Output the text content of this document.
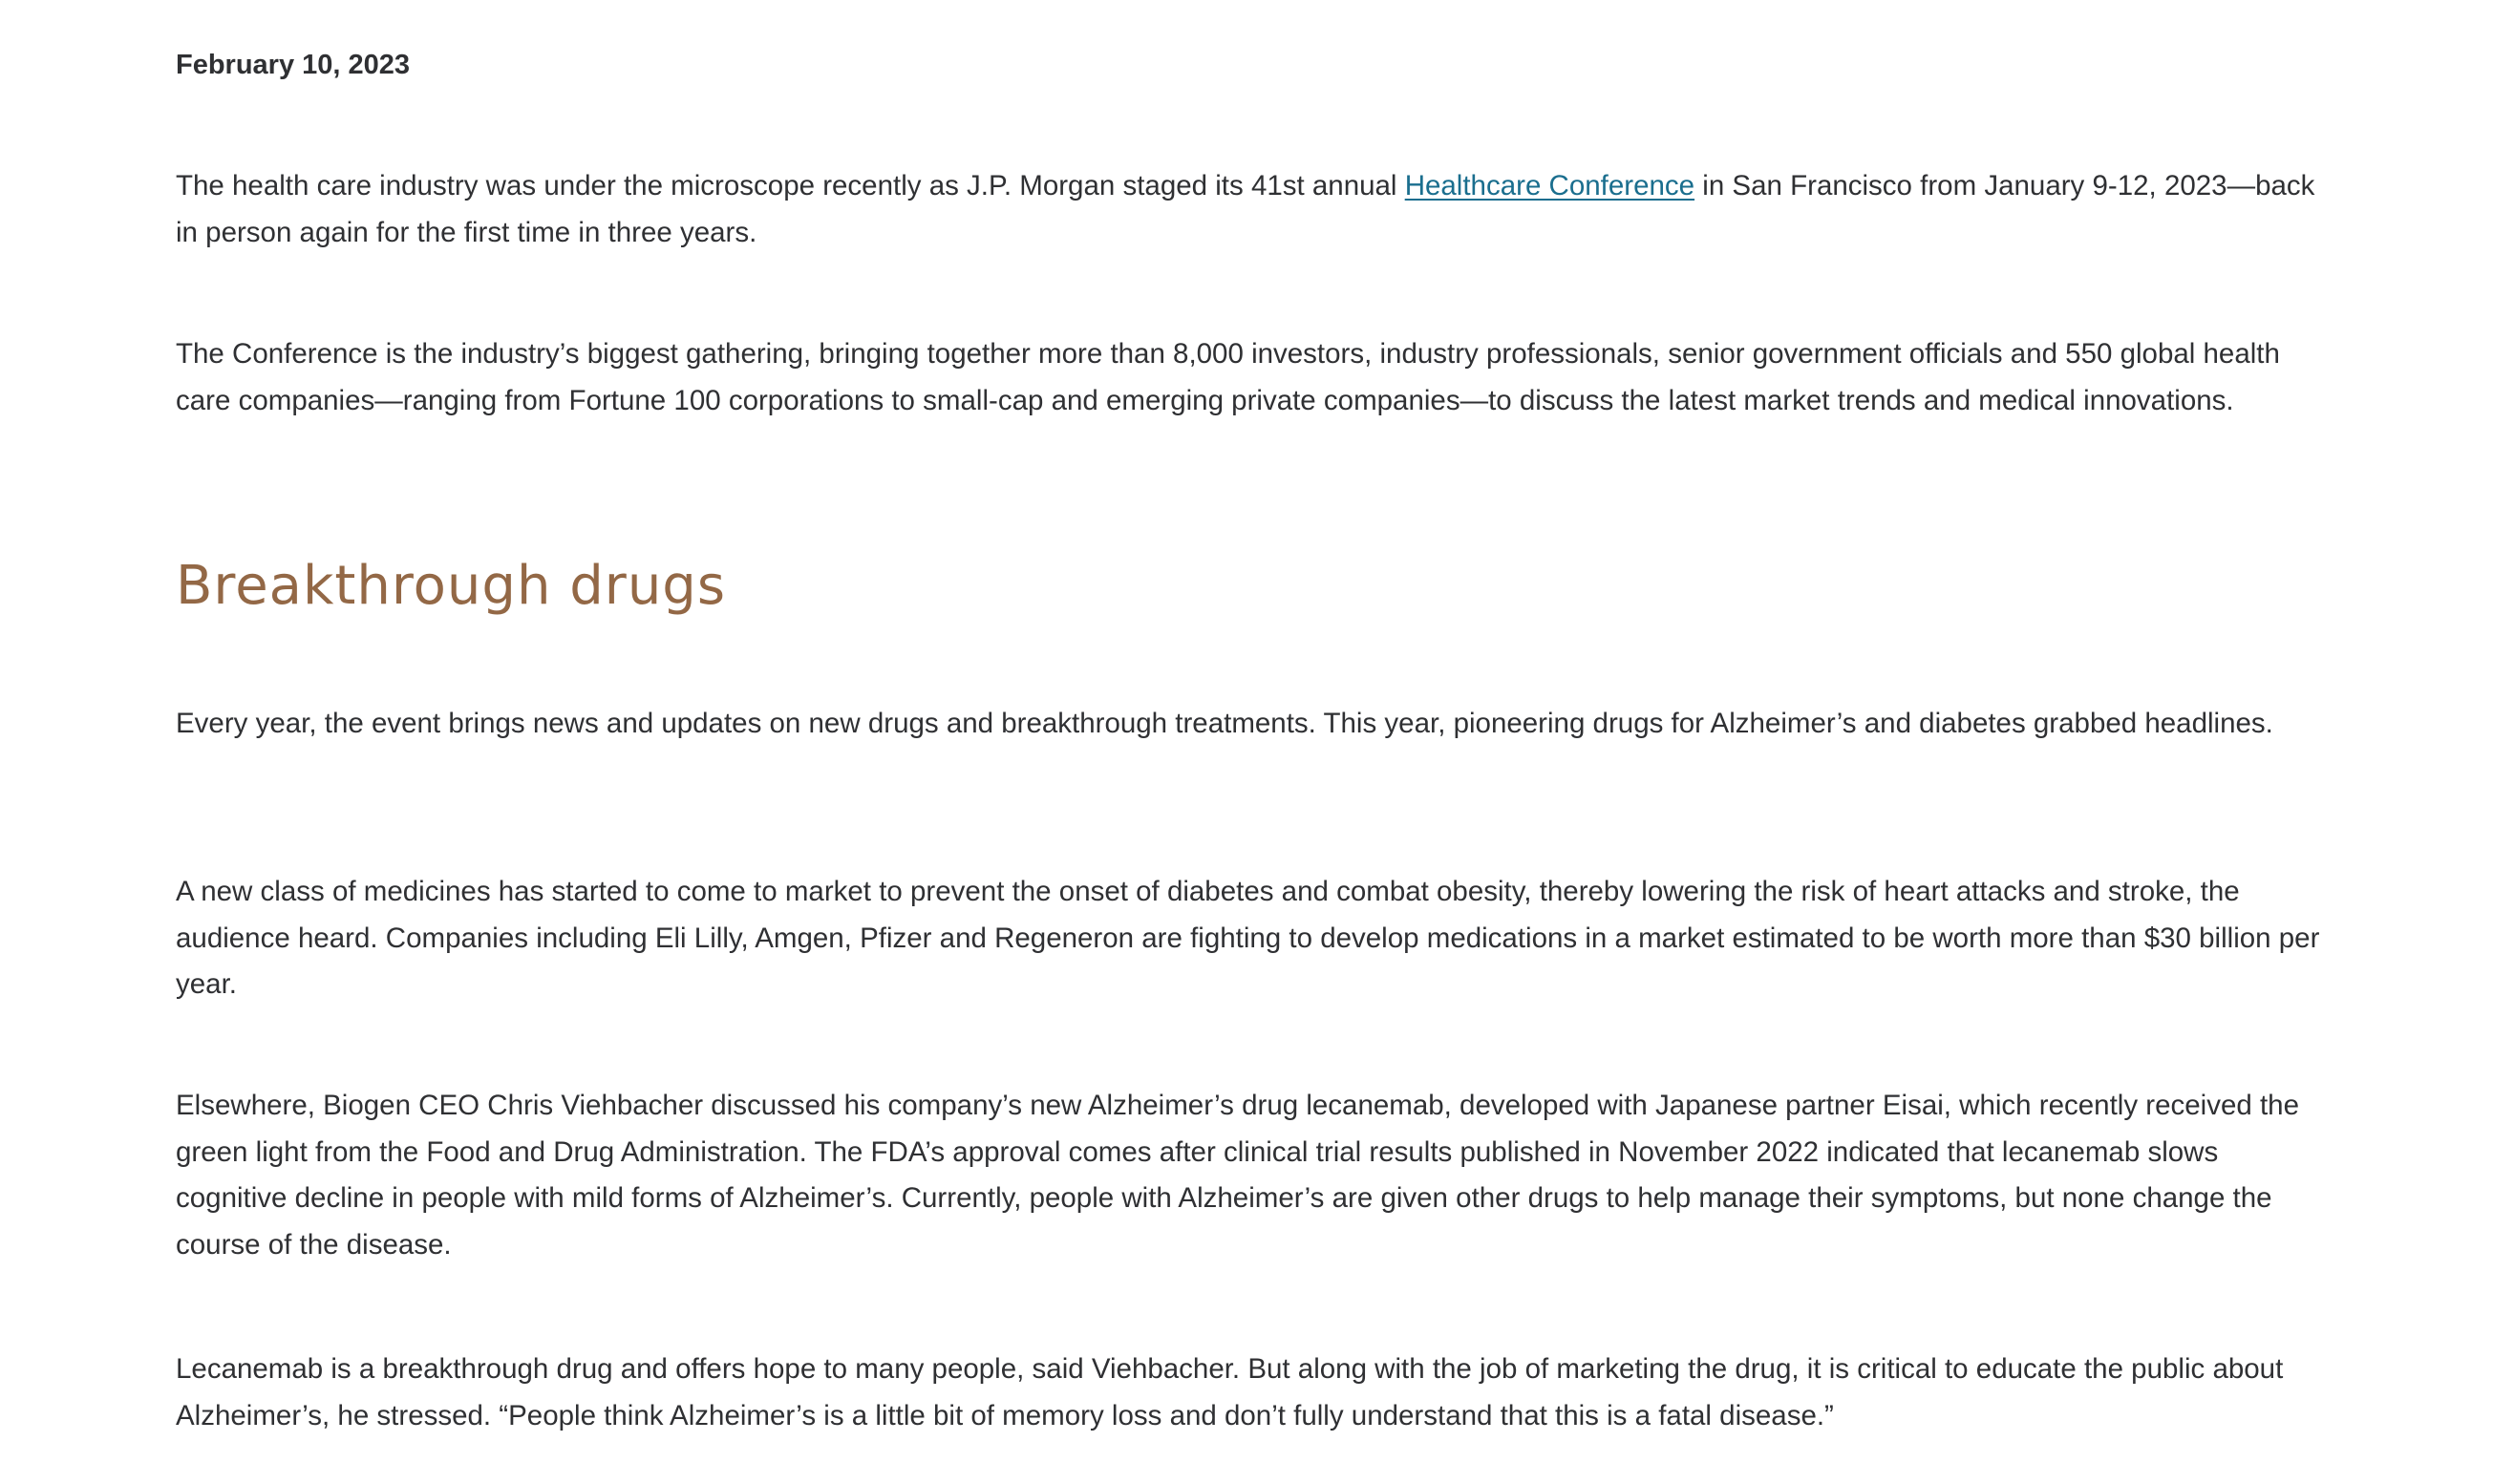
February 10, 2023

The health care industry was under the microscope recently as J.P. Morgan staged its 41st annual Healthcare Conference in San Francisco from January 9-12, 2023—back in person again for the first time in three years.

The Conference is the industry’s biggest gathering, bringing together more than 8,000 investors, industry professionals, senior government officials and 550 global health care companies—ranging from Fortune 100 corporations to small-cap and emerging private companies—to discuss the latest market trends and medical innovations.

Breakthrough drugs

Every year, the event brings news and updates on new drugs and breakthrough treatments. This year, pioneering drugs for Alzheimer’s and diabetes grabbed headlines.

A new class of medicines has started to come to market to prevent the onset of diabetes and combat obesity, thereby lowering the risk of heart attacks and stroke, the audience heard. Companies including Eli Lilly, Amgen, Pfizer and Regeneron are fighting to develop medications in a market estimated to be worth more than $30 billion per year.

Elsewhere, Biogen CEO Chris Viehbacher discussed his company’s new Alzheimer’s drug lecanemab, developed with Japanese partner Eisai, which recently received the green light from the Food and Drug Administration. The FDA’s approval comes after clinical trial results published in November 2022 indicated that lecanemab slows cognitive decline in people with mild forms of Alzheimer’s. Currently, people with Alzheimer’s are given other drugs to help manage their symptoms, but none change the course of the disease.

Lecanemab is a breakthrough drug and offers hope to many people, said Viehbacher. But along with the job of marketing the drug, it is critical to educate the public about Alzheimer’s, he stressed. “People think Alzheimer’s is a little bit of memory loss and don’t fully understand that this is a fatal disease.”
